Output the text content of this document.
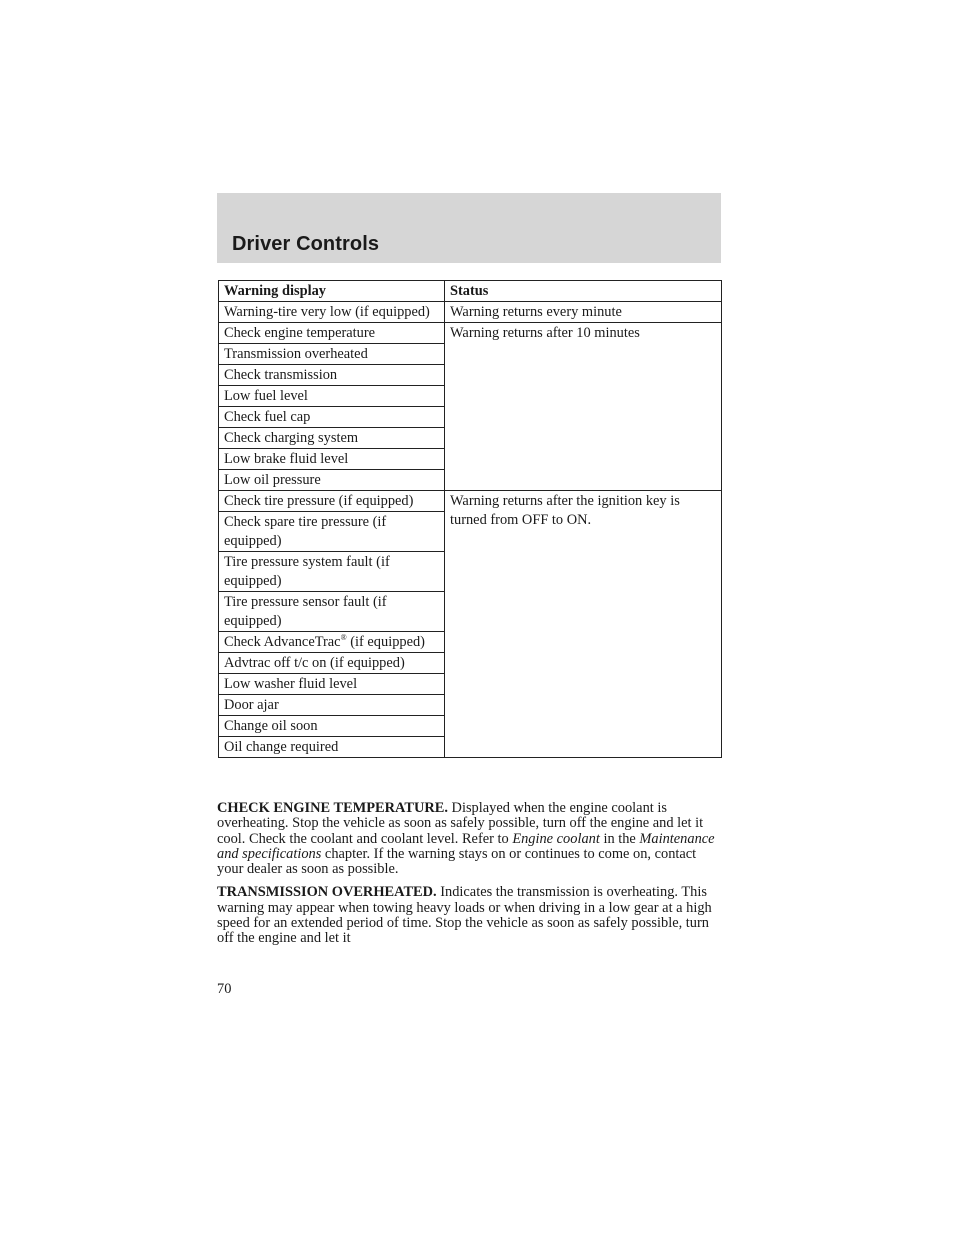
Driver Controls
Warning display	Status
Warning-tire very low (if equipped)	Warning returns every minute
Check engine temperature	Warning returns after 10 minutes
Transmission overheated	
Check transmission	
Low fuel level	
Check fuel cap	
Check charging system	
Low brake fluid level	
Low oil pressure	
Check tire pressure (if equipped)	Warning returns after the ignition key is turned from OFF to ON.
Check spare tire pressure (if equipped)	
Tire pressure system fault (if equipped)	
Tire pressure sensor fault (if equipped)	
Check AdvanceTrac® (if equipped)	
Advtrac off t/c on (if equipped)	
Low washer fluid level	
Door ajar	
Change oil soon	
Oil change required	

CHECK ENGINE TEMPERATURE. Displayed when the engine coolant is overheating. Stop the vehicle as soon as safely possible, turn off the engine and let it cool. Check the coolant and coolant level. Refer to Engine coolant in the Maintenance and specifications chapter. If the warning stays on or continues to come on, contact your dealer as soon as possible.

TRANSMISSION OVERHEATED. Indicates the transmission is overheating. This warning may appear when towing heavy loads or when driving in a low gear at a high speed for an extended period of time. Stop the vehicle as soon as safely possible, turn off the engine and let it

70
